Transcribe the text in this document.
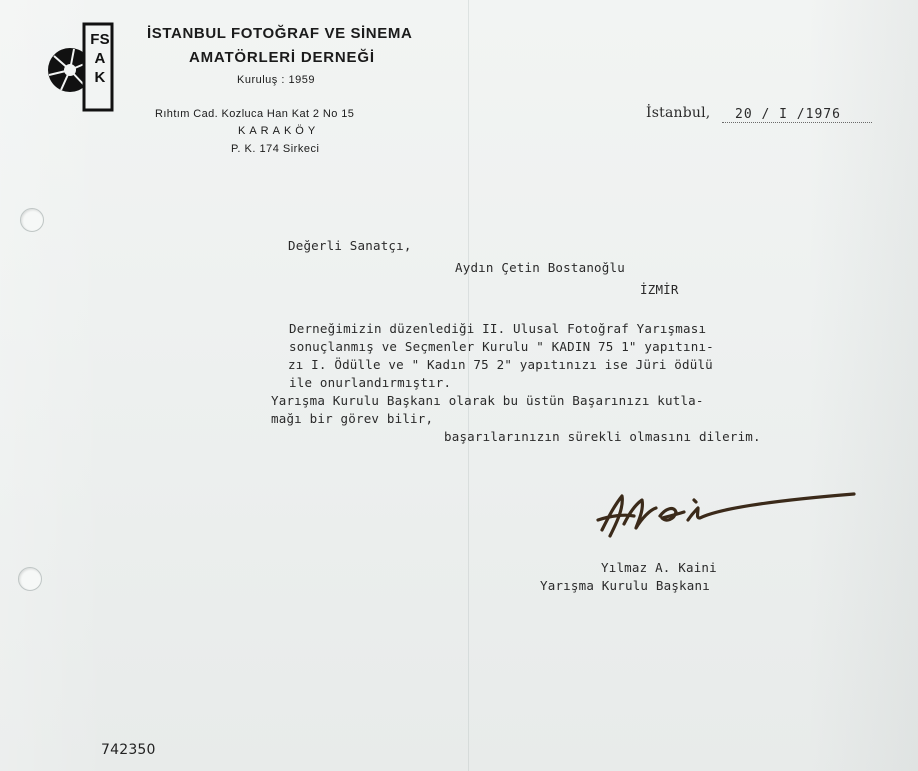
FSAK
İSTANBUL FOTOĞRAF VE SİNEMA
AMATÖRLERİ DERNEĞİ
Kuruluş : 1959
Rıhtım Cad. Kozluca Han Kat 2 No 15
KARAKÖY
P. K. 174 Sirkeci
İstanbul, 20 / I /1976
Değerli Sanatçı,
Aydın Çetin Bostanoğlu
İZMİR
Derneğimizin düzenlediği II. Ulusal Fotoğraf Yarışması
sonuçlanmış ve Seçmenler Kurulu " KADIN 75 1" yapıtını-
zı I. Ödülle ve " Kadın 75 2" yapıtınızı ise Jüri ödülü
ile onurlandırmıştır.
Yarışma Kurulu Başkanı olarak bu üstün Başarınızı kutla-
mağı bir görev bilir,
başarılarınızın sürekli olmasını dilerim.
Yılmaz A. Kaini
Yarışma Kurulu Başkanı
742350
